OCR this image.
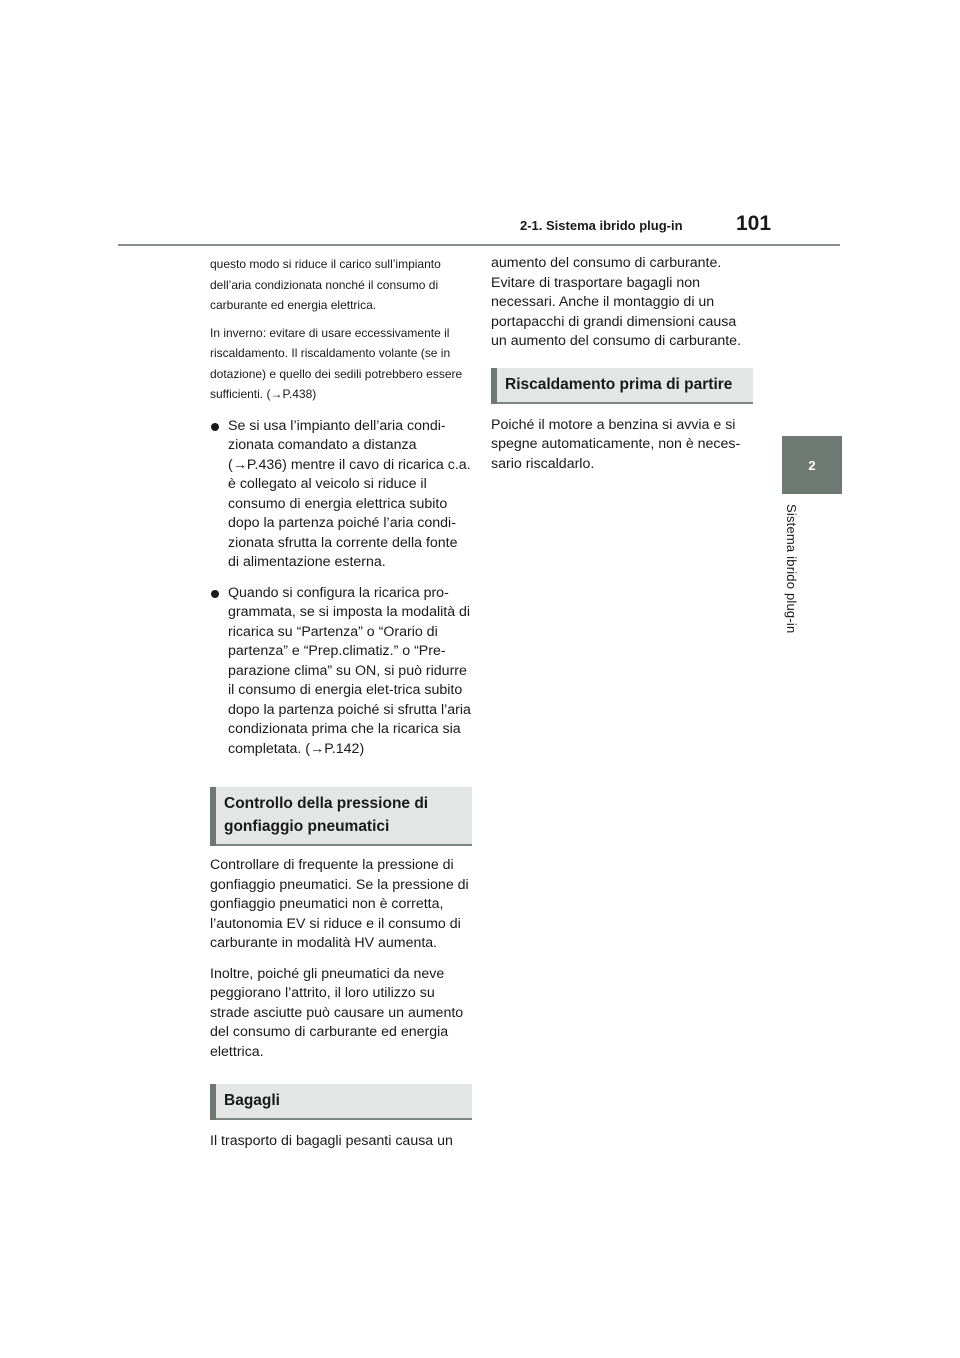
2-1. Sistema ibrido plug-in	101
2
Sistema ibrido plug-in

questo modo si riduce il carico sull’impianto dell’aria condizionata nonché il consumo di carburante ed energia elettrica.

In inverno: evitare di usare eccessivamente il riscaldamento. Il riscaldamento volante (se in dotazione) e quello dei sedili potrebbero essere sufficienti. (→P.438)

Se si usa l’impianto dell’aria condi-zionata comandato a distanza (→P.436) mentre il cavo di ricarica c.a. è collegato al veicolo si riduce il consumo di energia elettrica subito dopo la partenza poiché l’aria condi-zionata sfrutta la corrente della fonte di alimentazione esterna.
Quando si configura la ricarica pro-grammata, se si imposta la modalità di ricarica su “Partenza” o “Orario di partenza” e “Prep.climatiz.” o “Pre-parazione clima” su ON, si può ridurre il consumo di energia elet-trica subito dopo la partenza poiché si sfrutta l’aria condizionata prima che la ricarica sia completata. (→P.142)
Controllo della pressione di gonfiaggio pneumatici

Controllare di frequente la pressione di gonfiaggio pneumatici. Se la pressione di gonfiaggio pneumatici non è corretta, l’autonomia EV si riduce e il consumo di carburante in modalità HV aumenta.

Inoltre, poiché gli pneumatici da neve peggiorano l’attrito, il loro utilizzo su strade asciutte può causare un aumento del consumo di carburante ed energia elettrica.

Bagagli

Il trasporto di bagagli pesanti causa un

aumento del consumo di carburante. Evitare di trasportare bagagli non necessari. Anche il montaggio di un portapacchi di grandi dimensioni causa un aumento del consumo di carburante.

Riscaldamento prima di partire

Poiché il motore a benzina si avvia e si spegne automaticamente, non è neces-sario riscaldarlo.
